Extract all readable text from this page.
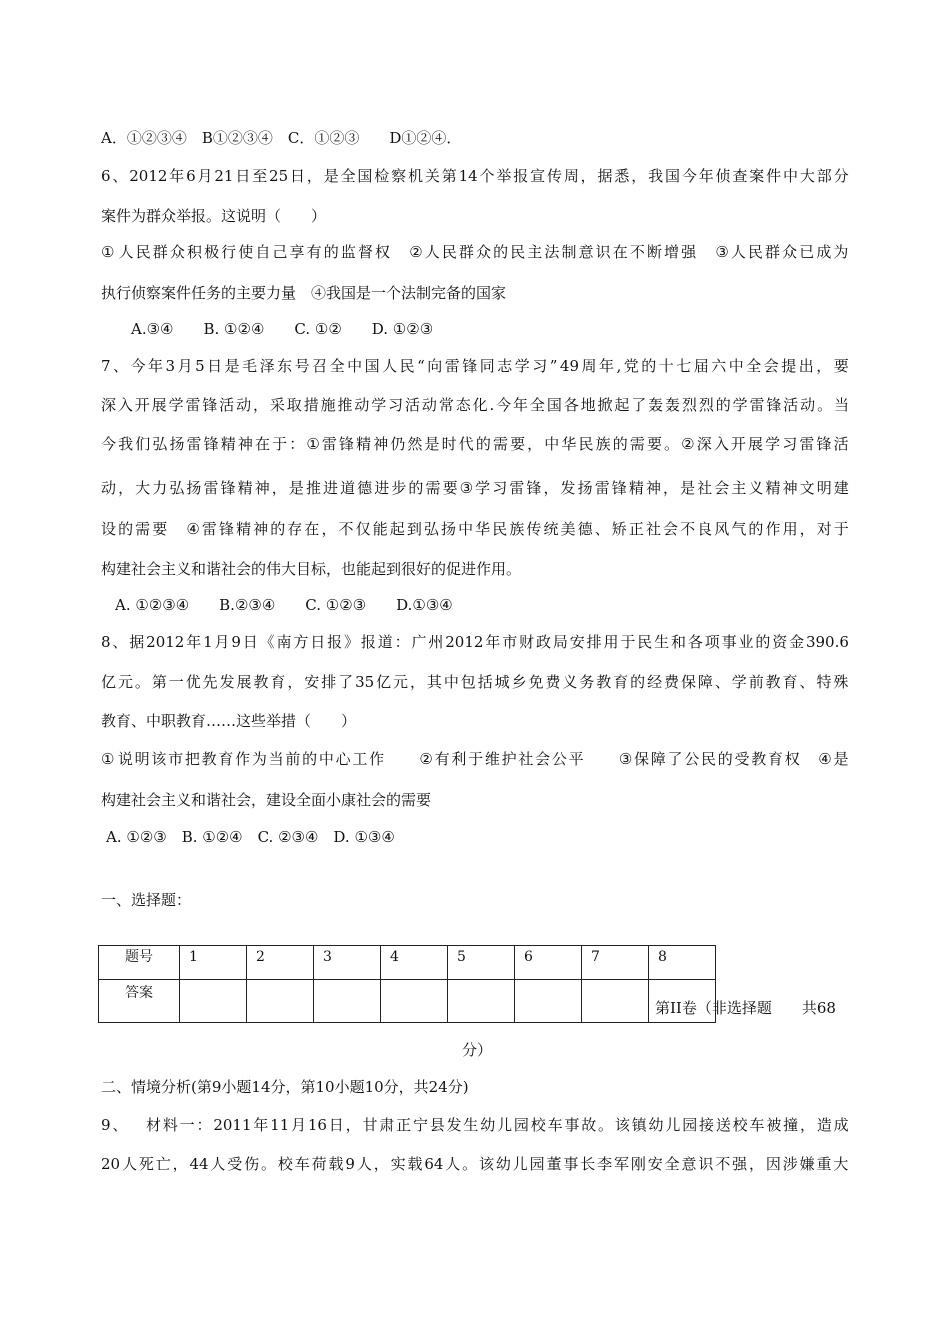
A．①②③④　B①②③④　C．①②③　　D①②④．
6 、 2012 年 6 月 21 日 至 25 日 ， 是 全 国 检 察 机 关 第 14 个 举 报 宣 传 周 ， 据 悉 ， 我 国 今 年 侦 查 案 件 中 大 部 分
案件为群众举报。这说明（　　）
① 人 民 群 众 积 极 行 使 自 己 享 有 的 监 督 权
　 ② 人 民 群 众 的 民 主 法 制 意 识 在 不 断 增 强
　 ③ 人 民 群 众 已 成 为
执行侦察案件任务的主要力量　④我国是一个法制完备的国家
A.③④　　B. ①②④　　C. ①②　　D. ①②③
7 、 今 年 3 月 5 日 是 毛 泽 东 号 召 全 中 国 人 民 “ 向 雷 锋 同 志 学 习 ” 49 周 年 , 党 的 十 七 届 六 中 全 会 提 出 ， 要
深 入 开 展 学 雷 锋 活 动 ， 采 取 措 施 推 动 学 习 活 动 常 态 化 . 今 年 全 国 各 地 掀 起 了 轰 轰 烈 烈 的 学 雷 锋 活 动 。 当
今 我 们 弘 扬 雷 锋 精 神 在 于 ： ① 雷 锋 精 神 仍 然 是 时 代 的 需 要 ， 中 华 民 族 的 需 要 。 ② 深 入 开 展 学 习 雷 锋 活
动 ， 大 力 弘 扬 雷 锋 精 神 ， 是 推 进 道 德 进 步 的 需 要 ③ 学 习 雷 锋 ， 发 扬 雷 锋 精 神 ， 是 社 会 主 义 精 神 文 明 建
设 的 需 要
　 ④ 雷 锋 精 神 的 存 在 ， 不 仅 能 起 到 弘 扬 中 华 民 族 传 统 美 德 、 矫 正 社 会 不 良 风 气 的 作 用 ， 对 于
构建社会主义和谐社会的伟大目标，也能起到很好的促进作用。
A. ①②③④　　B.②③④　　C. ①②③　　D.①③④
8 、 据 2012 年 1 月 9 日 《 南 方 日 报 》 报 道 ： 广 州 2012 年 市 财 政 局 安 排 用 于 民 生 和 各 项 事 业 的 资 金 390.6
亿 元 。 第 一 优 先 发 展 教 育 ， 安 排 了 35 亿 元 ， 其 中 包 括 城 乡 免 费 义 务 教 育 的 经 费 保 障 、 学 前 教 育 、 特 殊
教育、中职教育……这些举措（　　）
① 说 明 该 市 把 教 育 作 为 当 前 的 中 心 工 作

　 ② 有 利 于 维 护 社 会 公 平

　 ③ 保 障 了 公 民 的 受 教 育 权
　 ④ 是
构建社会主义和谐社会，建设全面小康社会的需要
A. ①②③　B. ①②④　C. ②③④　D. ①③④
一、选择题：
题号	1	2	3	4	5	6	7	8
答案								
第II卷（非选择题　　共68
分）
二、情境分析(第9小题14分，第10小题10分，共24分)
9 、
　 材 料 一 ： 2011 年 11 月 16 日 ， 甘 肃 正 宁 县 发 生 幼 儿 园 校 车 事 故 。 该 镇 幼 儿 园 接 送 校 车 被 撞 ， 造 成
20 人 死 亡 ， 44 人 受 伤 。 校 车 荷 载 9 人 ， 实 载 64 人 。 该 幼 儿 园 董 事 长 李 军 刚 安 全 意 识 不 强 ， 因 涉 嫌 重 大
